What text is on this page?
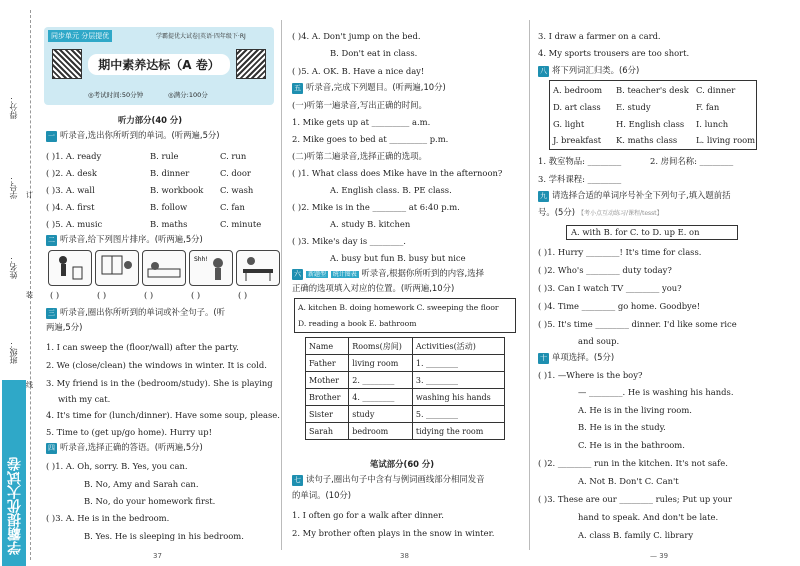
学霸提优大试卷
得分：
学号：
姓名：
班级：
线
订
装
同步单元 分层提优	学霸提优大试卷|英语·四年级下·RJ
期中素养达标（A 卷）
◎考试时间:50分钟	◎满分:100分
听力部分(40 分)
一 听录音,选出你所听到的单词。(听两遍,5分)
( )1. A. ready	B. rule	C. run
( )2. A. desk	B. dinner	C. door
( )3. A. wall	B. workbook C. wash
( )4. A. first	B. follow	C. fan
( )5. A. music	B. maths	C. minute
二 听录音,给下列图片排序。(听两遍,5分)
Shh!
( )	( )	( )	( )	( )
三 听录音,圈出你所听到的单词或补全句子。(听
两遍,5分)
1. I can sweep the (floor/wall) after the party.
2. We (close/clean) the windows in winter. It is cold.
3. My friend is in the (bedroom/study). She is playing
with my cat.
4. It's time for (lunch/dinner). Have some soup, please.
5. Time to (get up/go home). Hurry up!
四 听录音,选择正确的答语。(听两遍,5分)
( )1. A. Oh, sorry. B. Yes, you can.
B. No, Amy and Sarah can.
B. No, do your homework first.
( )3. A. He is in the bedroom.
B. Yes. He is sleeping in his bedroom.
37
( )4. A. Don't jump on the bed.
B. Don't eat in class.
( )5. A. OK. B. Have a nice day!
五 听录音,完成下列题目。(听两遍,10分)
(一)听第一遍录音,写出正确的时间。
1. Mike gets up at _________ a.m.
2. Mike goes to bed at _________ p.m.
(二)听第二遍录音,选择正确的选项。
( )1. What class does Mike have in the afternoon?
A. English class. B. PE class.
( )2. Mike is in the ________ at 6:40 p.m.
A. study B. kitchen
( )3. Mike's day is ________.
A. busy but fun B. busy but nice
六 新题型 统计图表 听录音,根据你所听到的内容,选择
正确的选项填入对应的位置。(听两遍,10分)
A. kitchen B. doing homework C. sweeping the floor
D. reading a book E. bathroom
Name	Rooms(房间)	Activities(活动)
Father	living room	1. ________
Mother	2. ________	3. ________
Brother	4. ________	washing his hands
Sister	study	5. ________
Sarah	bedroom	tidying the room
笔试部分(60 分)
七 读句子,圈出句子中含有与例词画线部分相同发音
的单词。(10分)
1. I often go for a walk after dinner.
2. My brother often plays in the snow in winter.
38
3. I draw a farmer on a card.
4. My sports trousers are too short.
八 将下列词汇归类。(6分)
A. bedroom B. teacher's desk C. dinner
D. art class E. study	F. fan
G. light	H. English class I. lunch
J. breakfast K. maths class L. living room
1. 教室物品: ________	2. 房间名称: ________
3. 学科课程: ________
九 请选择合适的单词序号补全下列句子,填入题前括
号。(5分) 【考小点互动练习/课程/tesst】
A. with B. for C. to D. up E. on
( )1. Hurry ________! It's time for class.
( )2. Who's ________ duty today?
( )3. Can I watch TV ________ you?
( )4. Time ________ go home. Goodbye!
( )5. It's time ________ dinner. I'd like some rice
and soup.
十 单项选择。(5分)
( )1. —Where is the boy?
— ________. He is washing his hands.
A. He is in the living room.
B. He is in the study.
C. He is in the bathroom.
( )2. ________ run in the kitchen. It's not safe.
A. Not B. Don't C. Can't
( )3. These are our ________ rules; Put up your
hand to speak. And don't be late.
A. class B. family C. library
— 39
